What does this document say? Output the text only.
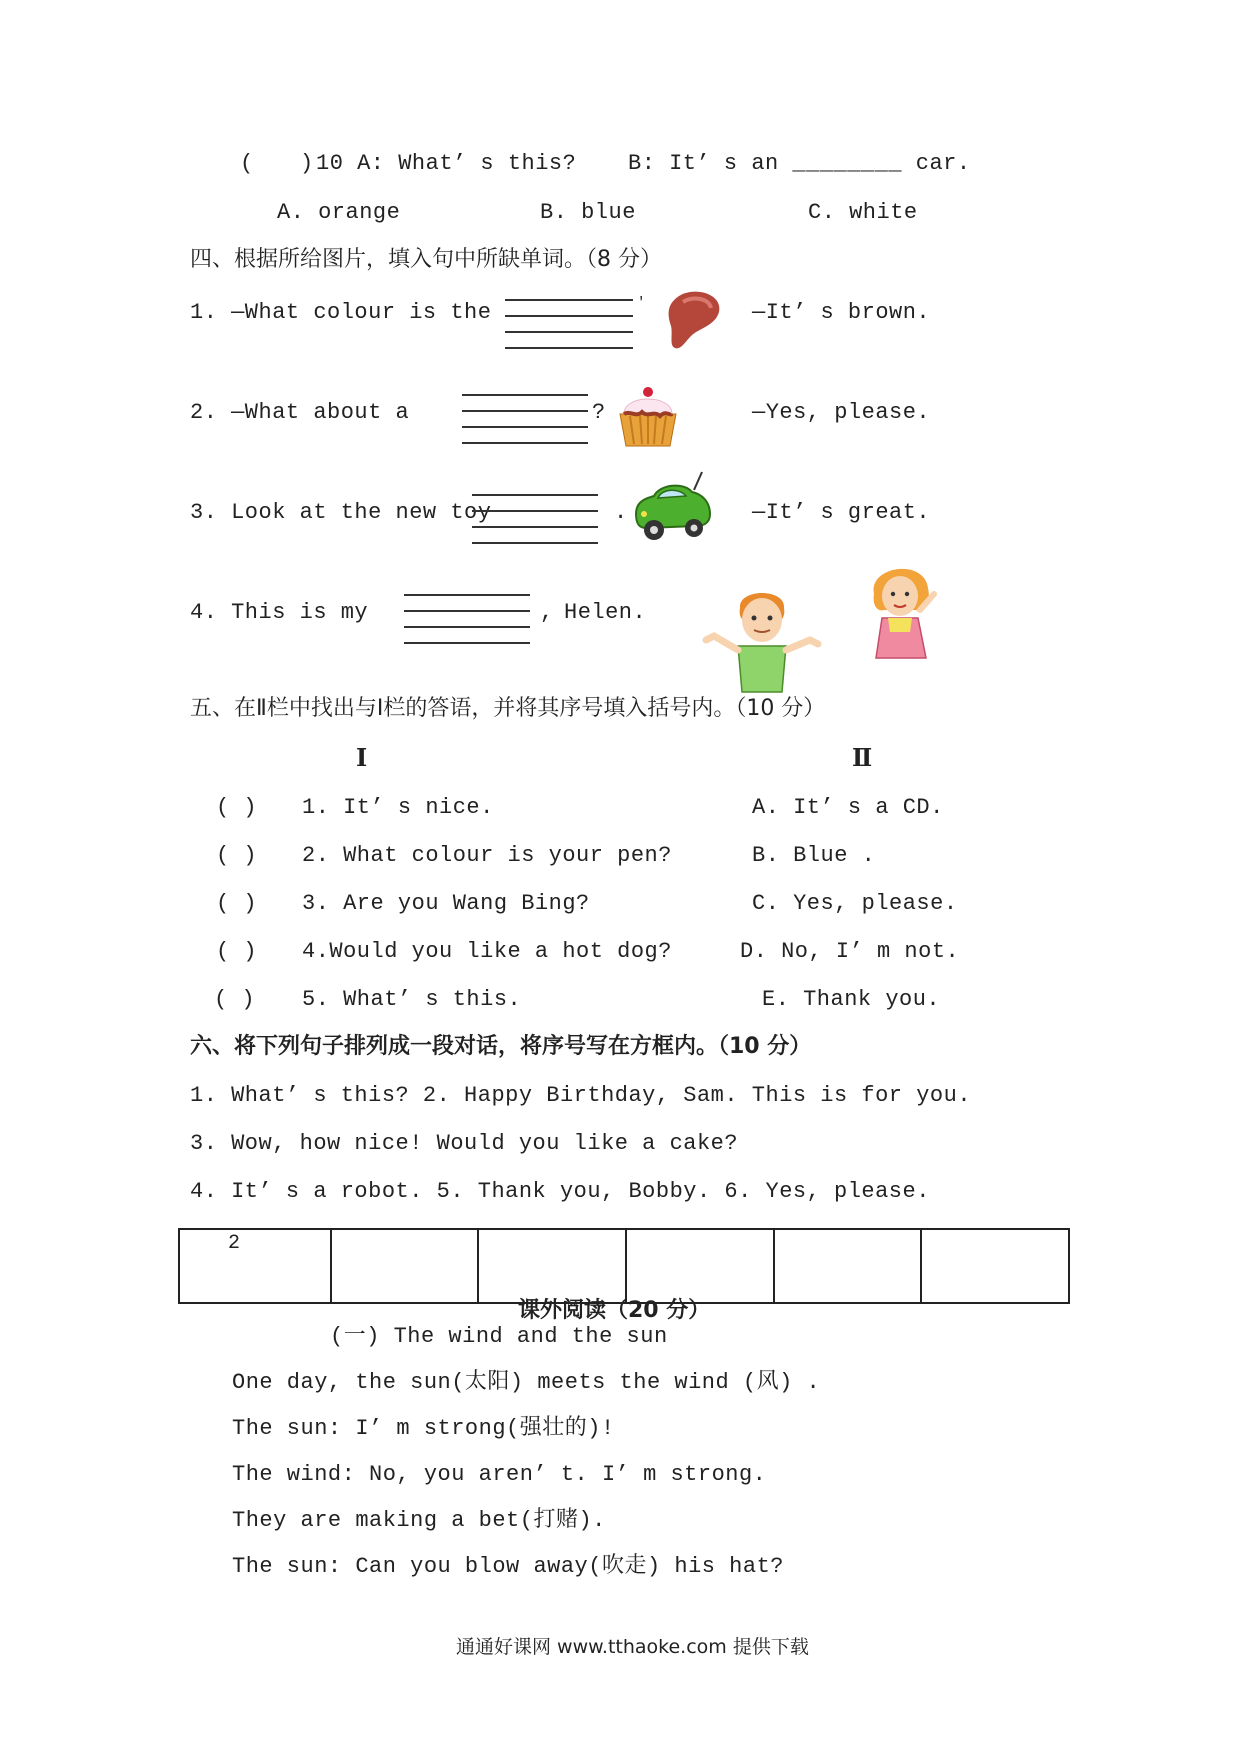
( ) 10 A: What’ s this? B: It’ s an ________ car.
A. orange	B. blue	C. white
四、根据所给图片，填入句中所缺单词。（8 分）
1. —What colour is the	'	—It’ s brown.
2. —What about a	?	—Yes, please.
3. Look at the new toy	.	—It’ s great.
4. This is my	, Helen.
五、在Ⅱ栏中找出与Ⅰ栏的答语，并将其序号填入括号内。（10 分）
I	Ⅱ
( ) 1. It’ s nice.	A. It’ s a CD.
( ) 2. What colour is your pen?	B. Blue .
( ) 3. Are you Wang Bing?	C. Yes, please.
( ) 4.Would you like a hot dog?	D. No, I’ m not.
( ) 5. What’ s this.	E. Thank you.
六、将下列句子排列成一段对话，将序号写在方框内。（10 分）
1. What’ s this? 2. Happy Birthday, Sam. This is for you.
3. Wow, how nice! Would you like a cake?
4. It’ s a robot. 5. Thank you, Bobby. 6. Yes, please.
2					
课外阅读（20 分）
(一) The wind and the sun
One day, the sun(太阳) meets the wind (风) .
The sun: I’ m strong(强壮的)!
The wind: No, you aren’ t. I’ m strong.
They are making a bet(打赌).
The sun: Can you blow away(吹走) his hat?
通通好课网 www.tthaoke.com 提供下载
